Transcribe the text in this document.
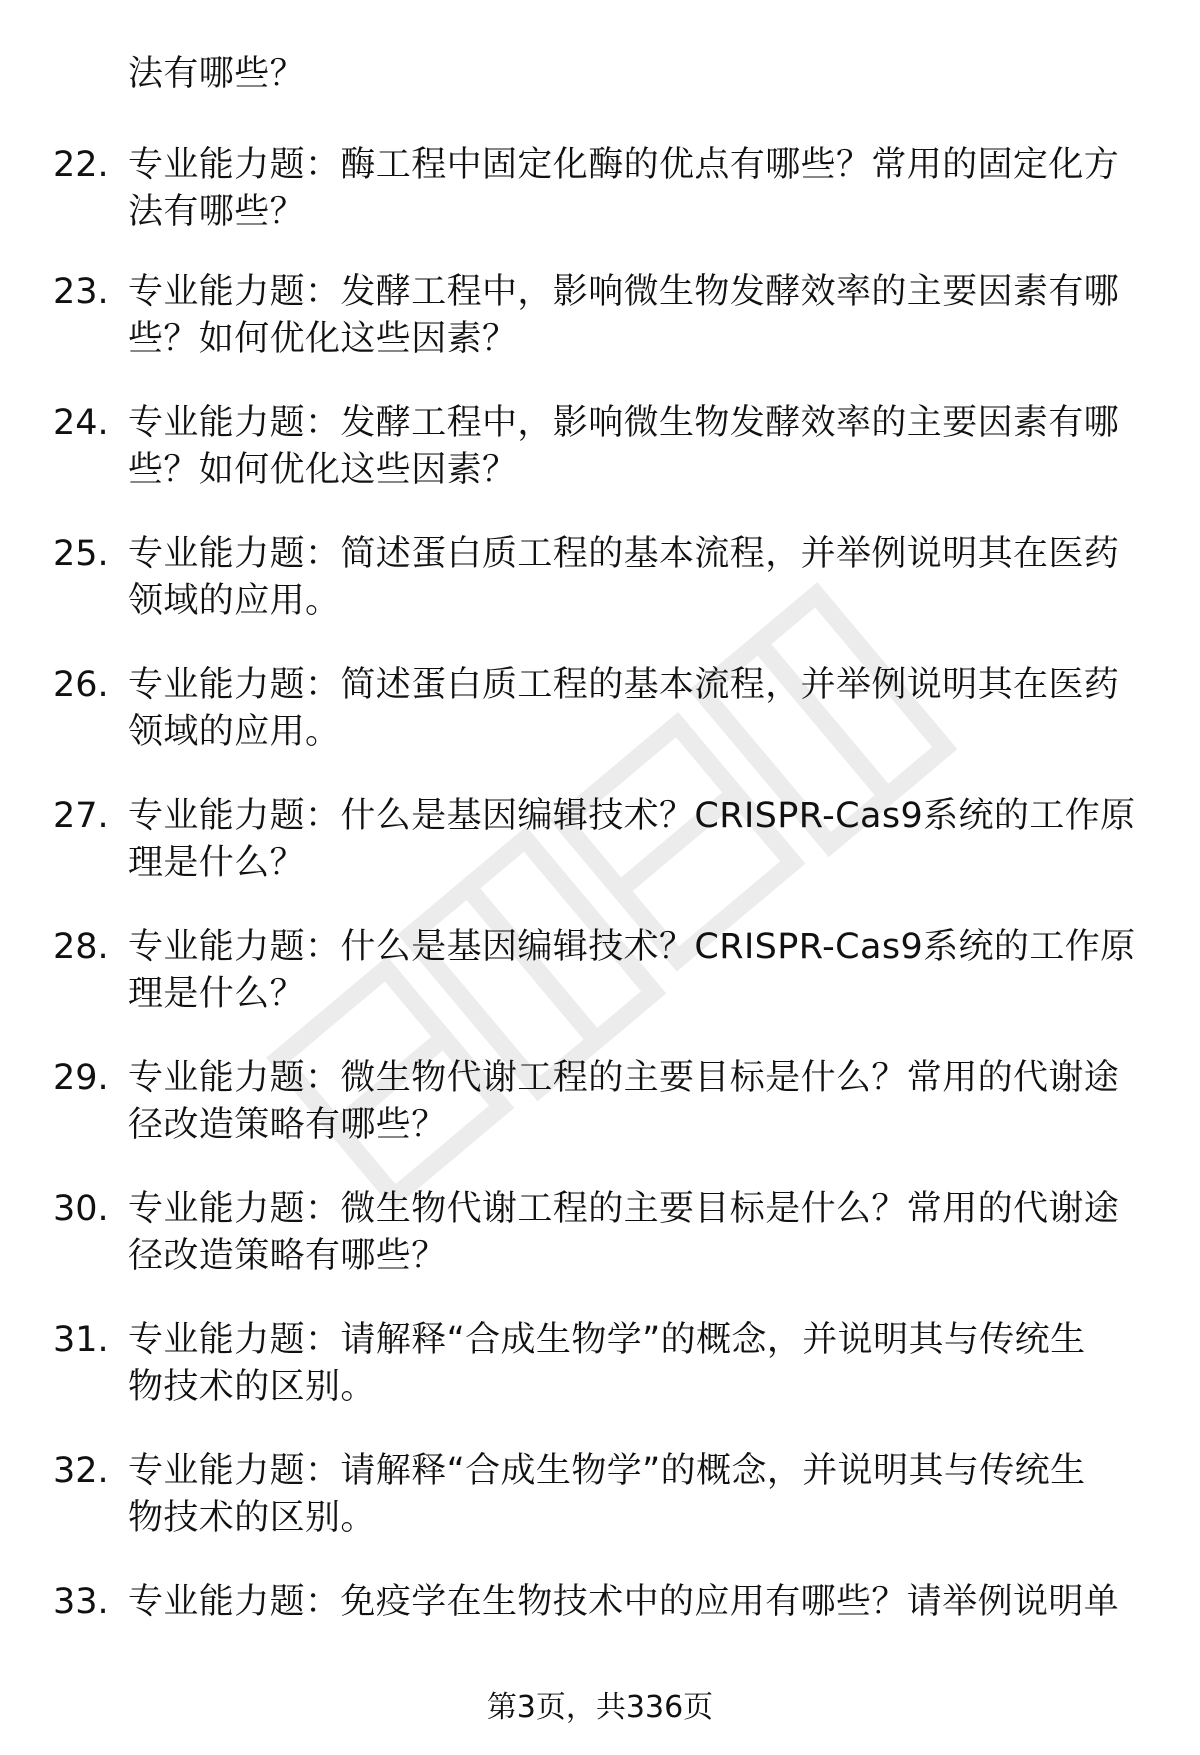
法有哪些？
22. 专业能力题：酶工程中固定化酶的优点有哪些？常用的固定化方
法有哪些？
23. 专业能力题：发酵工程中，影响微生物发酵效率的主要因素有哪
些？如何优化这些因素？
24. 专业能力题：发酵工程中，影响微生物发酵效率的主要因素有哪
些？如何优化这些因素？
25. 专业能力题：简述蛋白质工程的基本流程，并举例说明其在医药
领域的应用。
26. 专业能力题：简述蛋白质工程的基本流程，并举例说明其在医药
领域的应用。
27. 专业能力题：什么是基因编辑技术？CRISPR-Cas9系统的工作原
理是什么？
28. 专业能力题：什么是基因编辑技术？CRISPR-Cas9系统的工作原
理是什么？
29. 专业能力题：微生物代谢工程的主要目标是什么？常用的代谢途
径改造策略有哪些？
30. 专业能力题：微生物代谢工程的主要目标是什么？常用的代谢途
径改造策略有哪些？
31. 专业能力题：请解释“合成生物学”的概念，并说明其与传统生
物技术的区别。
32. 专业能力题：请解释“合成生物学”的概念，并说明其与传统生
物技术的区别。
33. 专业能力题：免疫学在生物技术中的应用有哪些？请举例说明单
第3页，共336页
